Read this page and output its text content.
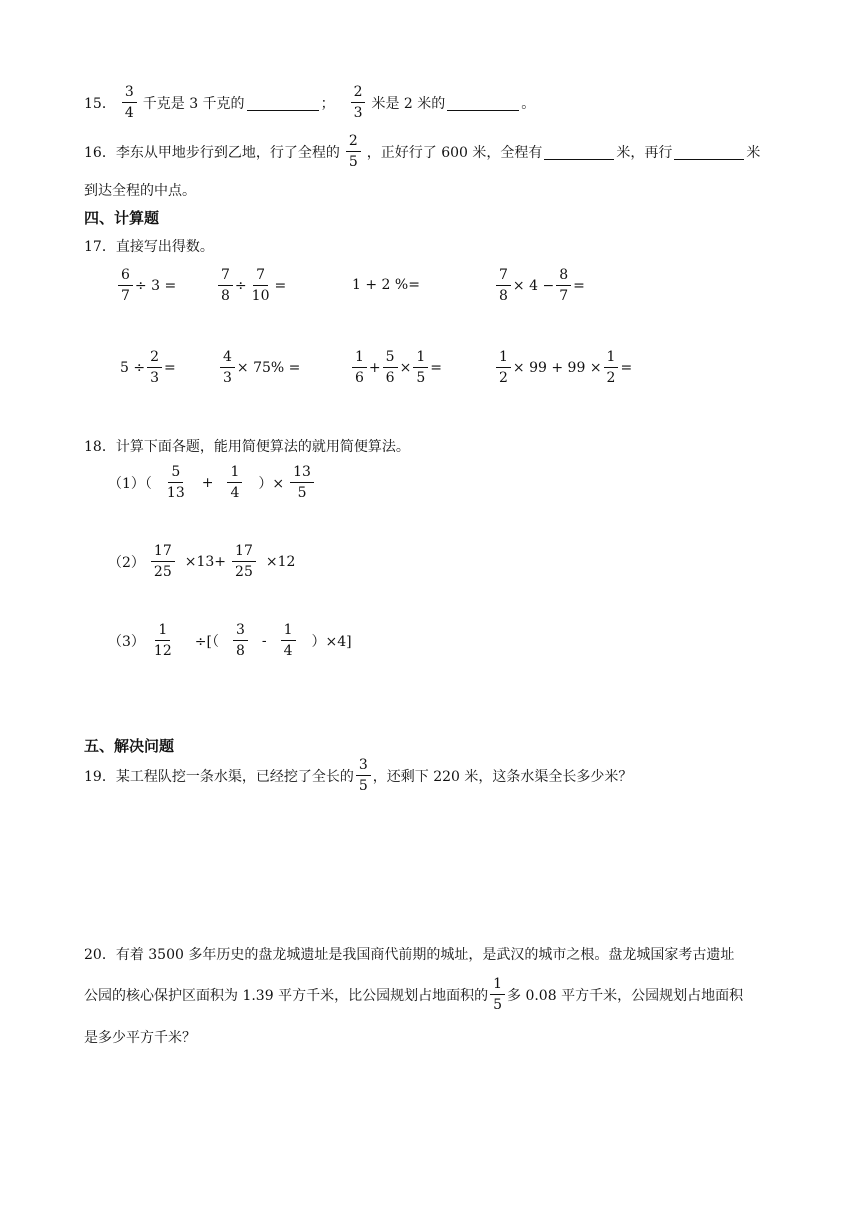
15． $\frac{3}{4}$ 千克是 3 千克的	； $\frac{2}{3}$ 米是 2 米的	。
16． 李东从甲地步行到乙地，行了全程的 $\frac{2}{5}$ ，正好行了 600 米，全程有	米，再行	米
到达全程的中点。
四、计算题
17．直接写出得数。
$\frac{6}{7} \div 3$ =	$\frac{7}{8} \div \frac{7}{10}$ =	1 + 2 %=	$\frac{7}{8} \times 4 - \frac{8}{7}$ =
$5 \div \frac{2}{3}$ =	$\frac{4}{3} \times 75\%$ =	$\frac{1}{6} + \frac{5}{6} \times \frac{1}{5}$ =	$\frac{1}{2} \times 99 + 99 \times \frac{1}{2}$ =
18．计算下面各题，能用简便算法的就用简便算法。
$(1)( \frac{5}{13} + \frac{1}{4}$ ）× $\frac{13}{5}$
$(2) \frac{17}{25} \times 13+ \frac{17}{25} \times 12$
$(3) \frac{1}{12}$ ÷[（ $\frac{3}{8} - \frac{1}{4} )\times 4$]
五、解决问题
19． 某工程队挖一条水渠，已经挖了全长的 $\frac{3}{5}$ ，还剩下 220 米，这条水渠全长多少米？
20．有着 3500 多年历史的盘龙城遗址是我国商代前期的城址，是武汉的城市之根。盘龙城国家考古遗址
公园的核心保护区面积为 1.39 平方千米，比公园规划占地面积的 $\frac{1}{5}$ 多 0.08 平方千米，公园规划占地面积
是多少平方千米？
